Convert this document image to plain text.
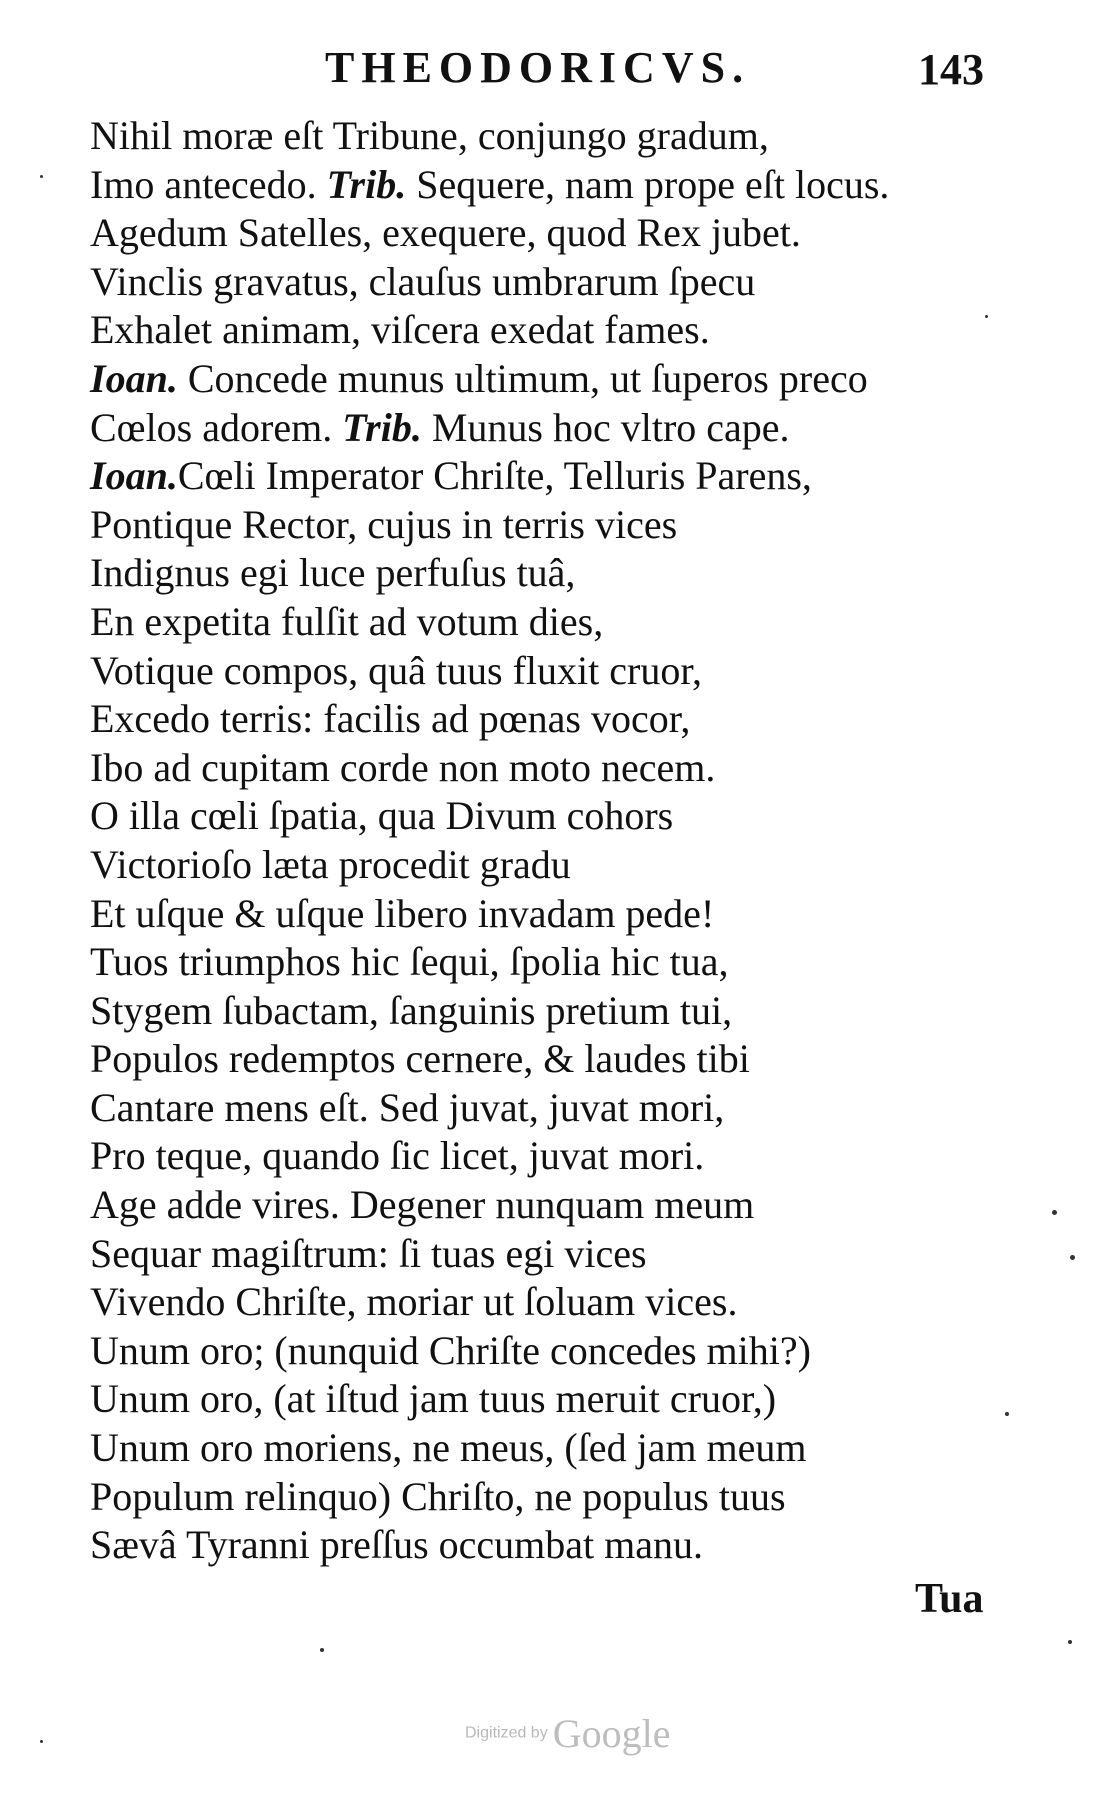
THEODORICVS.	143
Nihil moræ eſt Tribune, conjungo gradum,
Imo antecedo. Trib. Sequere, nam prope eſt locus.
Agedum Satelles, exequere, quod Rex jubet.
Vinclis gravatus, clauſus umbrarum ſpecu
Exhalet animam, viſcera exedat fames.
Ioan. Concede munus ultimum, ut ſuperos preco
Cœlos adorem. Trib. Munus hoc vltro cape.
Ioan.Cœli Imperator Chriſte, Telluris Parens,
Pontique Rector, cujus in terris vices
Indignus egi luce perfuſus tuâ,
En expetita fulſit ad votum dies,
Votique compos, quâ tuus fluxit cruor,
Excedo terris: facilis ad pœnas vocor,
Ibo ad cupitam corde non moto necem.
O illa cœli ſpatia, qua Divum cohors
Victorioſo læta procedit gradu
Et uſque & uſque libero invadam pede!
Tuos triumphos hic ſequi, ſpolia hic tua,
Stygem ſubactam, ſanguinis pretium tui,
Populos redemptos cernere, & laudes tibi
Cantare mens eſt. Sed juvat, juvat mori,
Pro teque, quando ſic licet, juvat mori.
Age adde vires. Degener nunquam meum
Sequar magiſtrum: ſi tuas egi vices
Vivendo Chriſte, moriar ut ſoluam vices.
Unum oro; (nunquid Chriſte concedes mihi?)
Unum oro, (at iſtud jam tuus meruit cruor,)
Unum oro moriens, ne meus, (ſed jam meum
Populum relinquo) Chriſto, ne populus tuus
Sævâ Tyranni preſſus occumbat manu.
Tua
Digitized by Google
